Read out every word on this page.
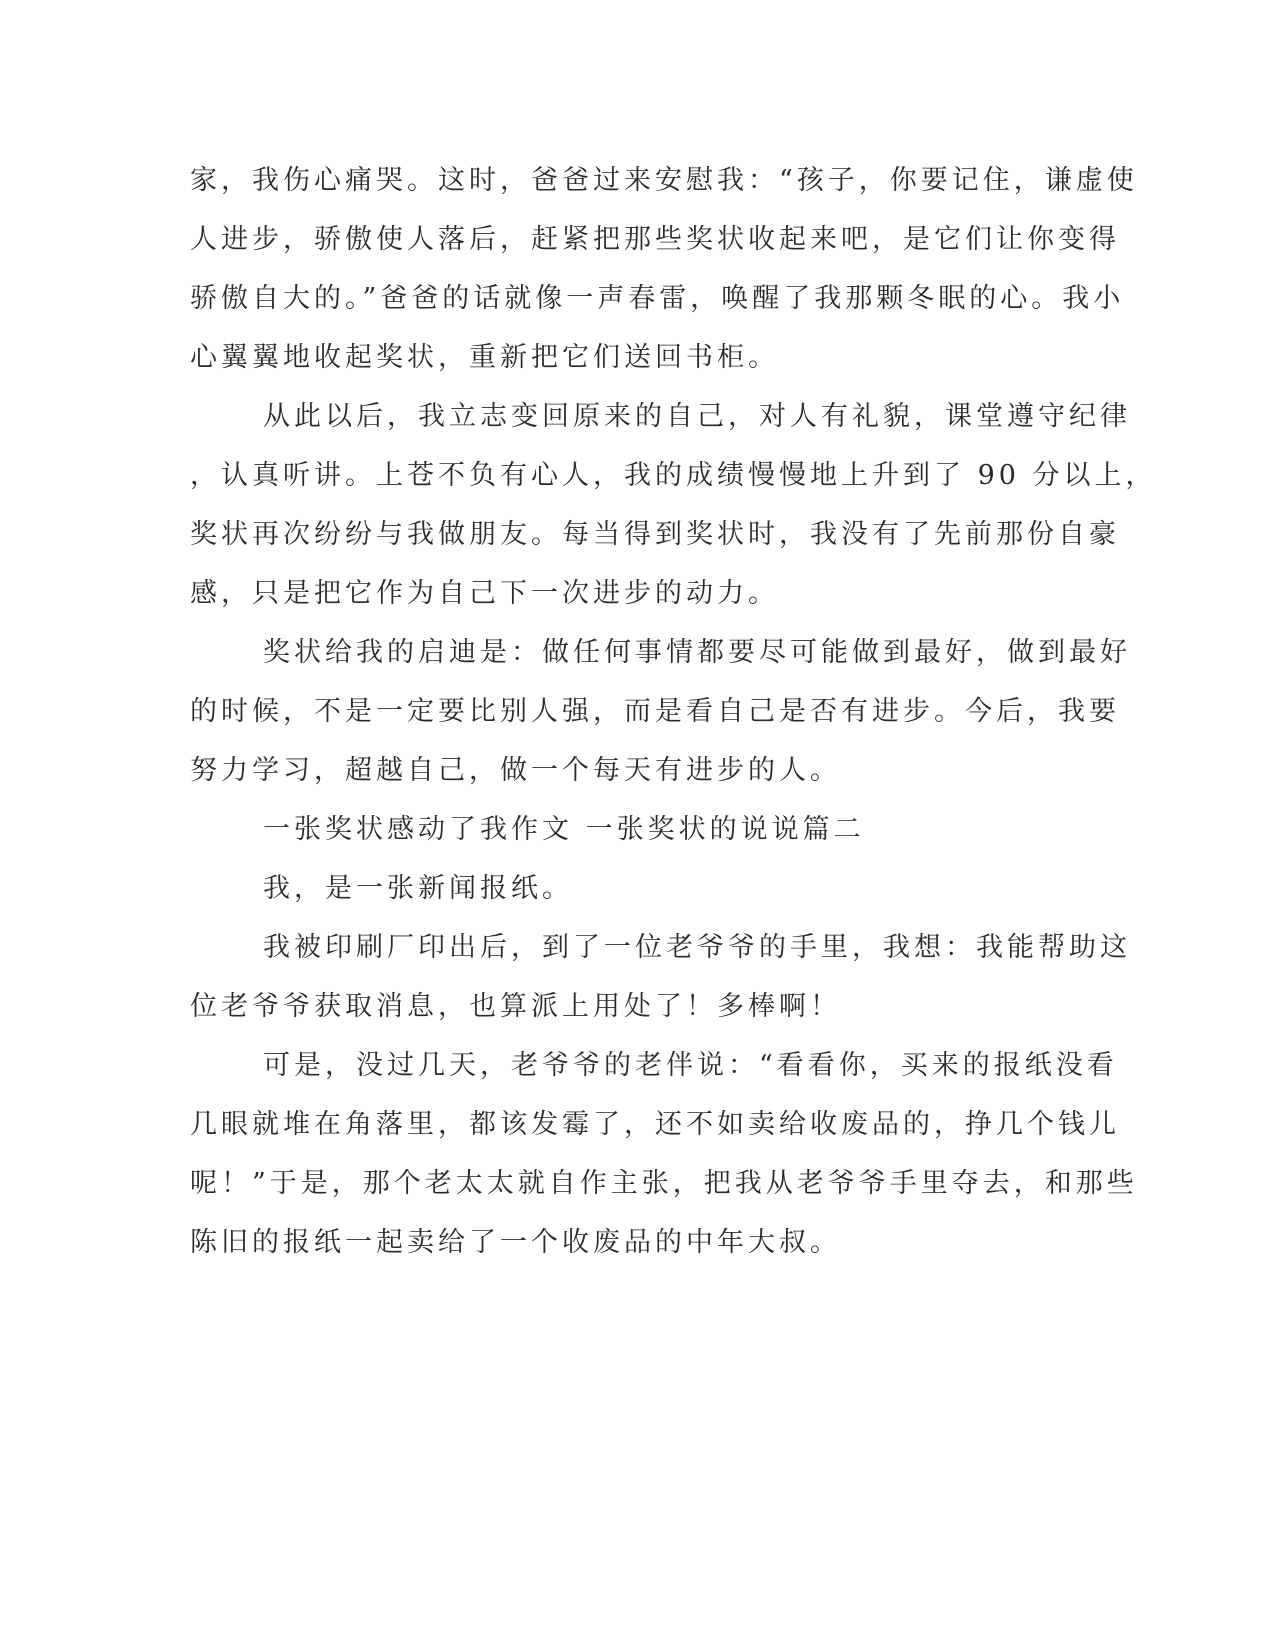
家，我伤心痛哭。这时，爸爸过来安慰我：“孩子，你要记住，谦虚使
人进步，骄傲使人落后，赶紧把那些奖状收起来吧，是它们让你变得
骄傲自大的。”爸爸的话就像一声春雷，唤醒了我那颗冬眠的心。我小
心翼翼地收起奖状，重新把它们送回书柜。
从此以后，我立志变回原来的自己，对人有礼貌，课堂遵守纪律
，认真听讲。上苍不负有心人，我的成绩慢慢地上升到了 90 分以上，
奖状再次纷纷与我做朋友。每当得到奖状时，我没有了先前那份自豪
感，只是把它作为自己下一次进步的动力。
奖状给我的启迪是：做任何事情都要尽可能做到最好，做到最好
的时候，不是一定要比别人强，而是看自己是否有进步。今后，我要
努力学习，超越自己，做一个每天有进步的人。
一张奖状感动了我作文 一张奖状的说说篇二
我，是一张新闻报纸。
我被印刷厂印出后，到了一位老爷爷的手里，我想：我能帮助这
位老爷爷获取消息，也算派上用处了！多棒啊！
可是，没过几天，老爷爷的老伴说：“看看你，买来的报纸没看
几眼就堆在角落里，都该发霉了，还不如卖给收废品的，挣几个钱儿
呢！”于是，那个老太太就自作主张，把我从老爷爷手里夺去，和那些
陈旧的报纸一起卖给了一个收废品的中年大叔。
